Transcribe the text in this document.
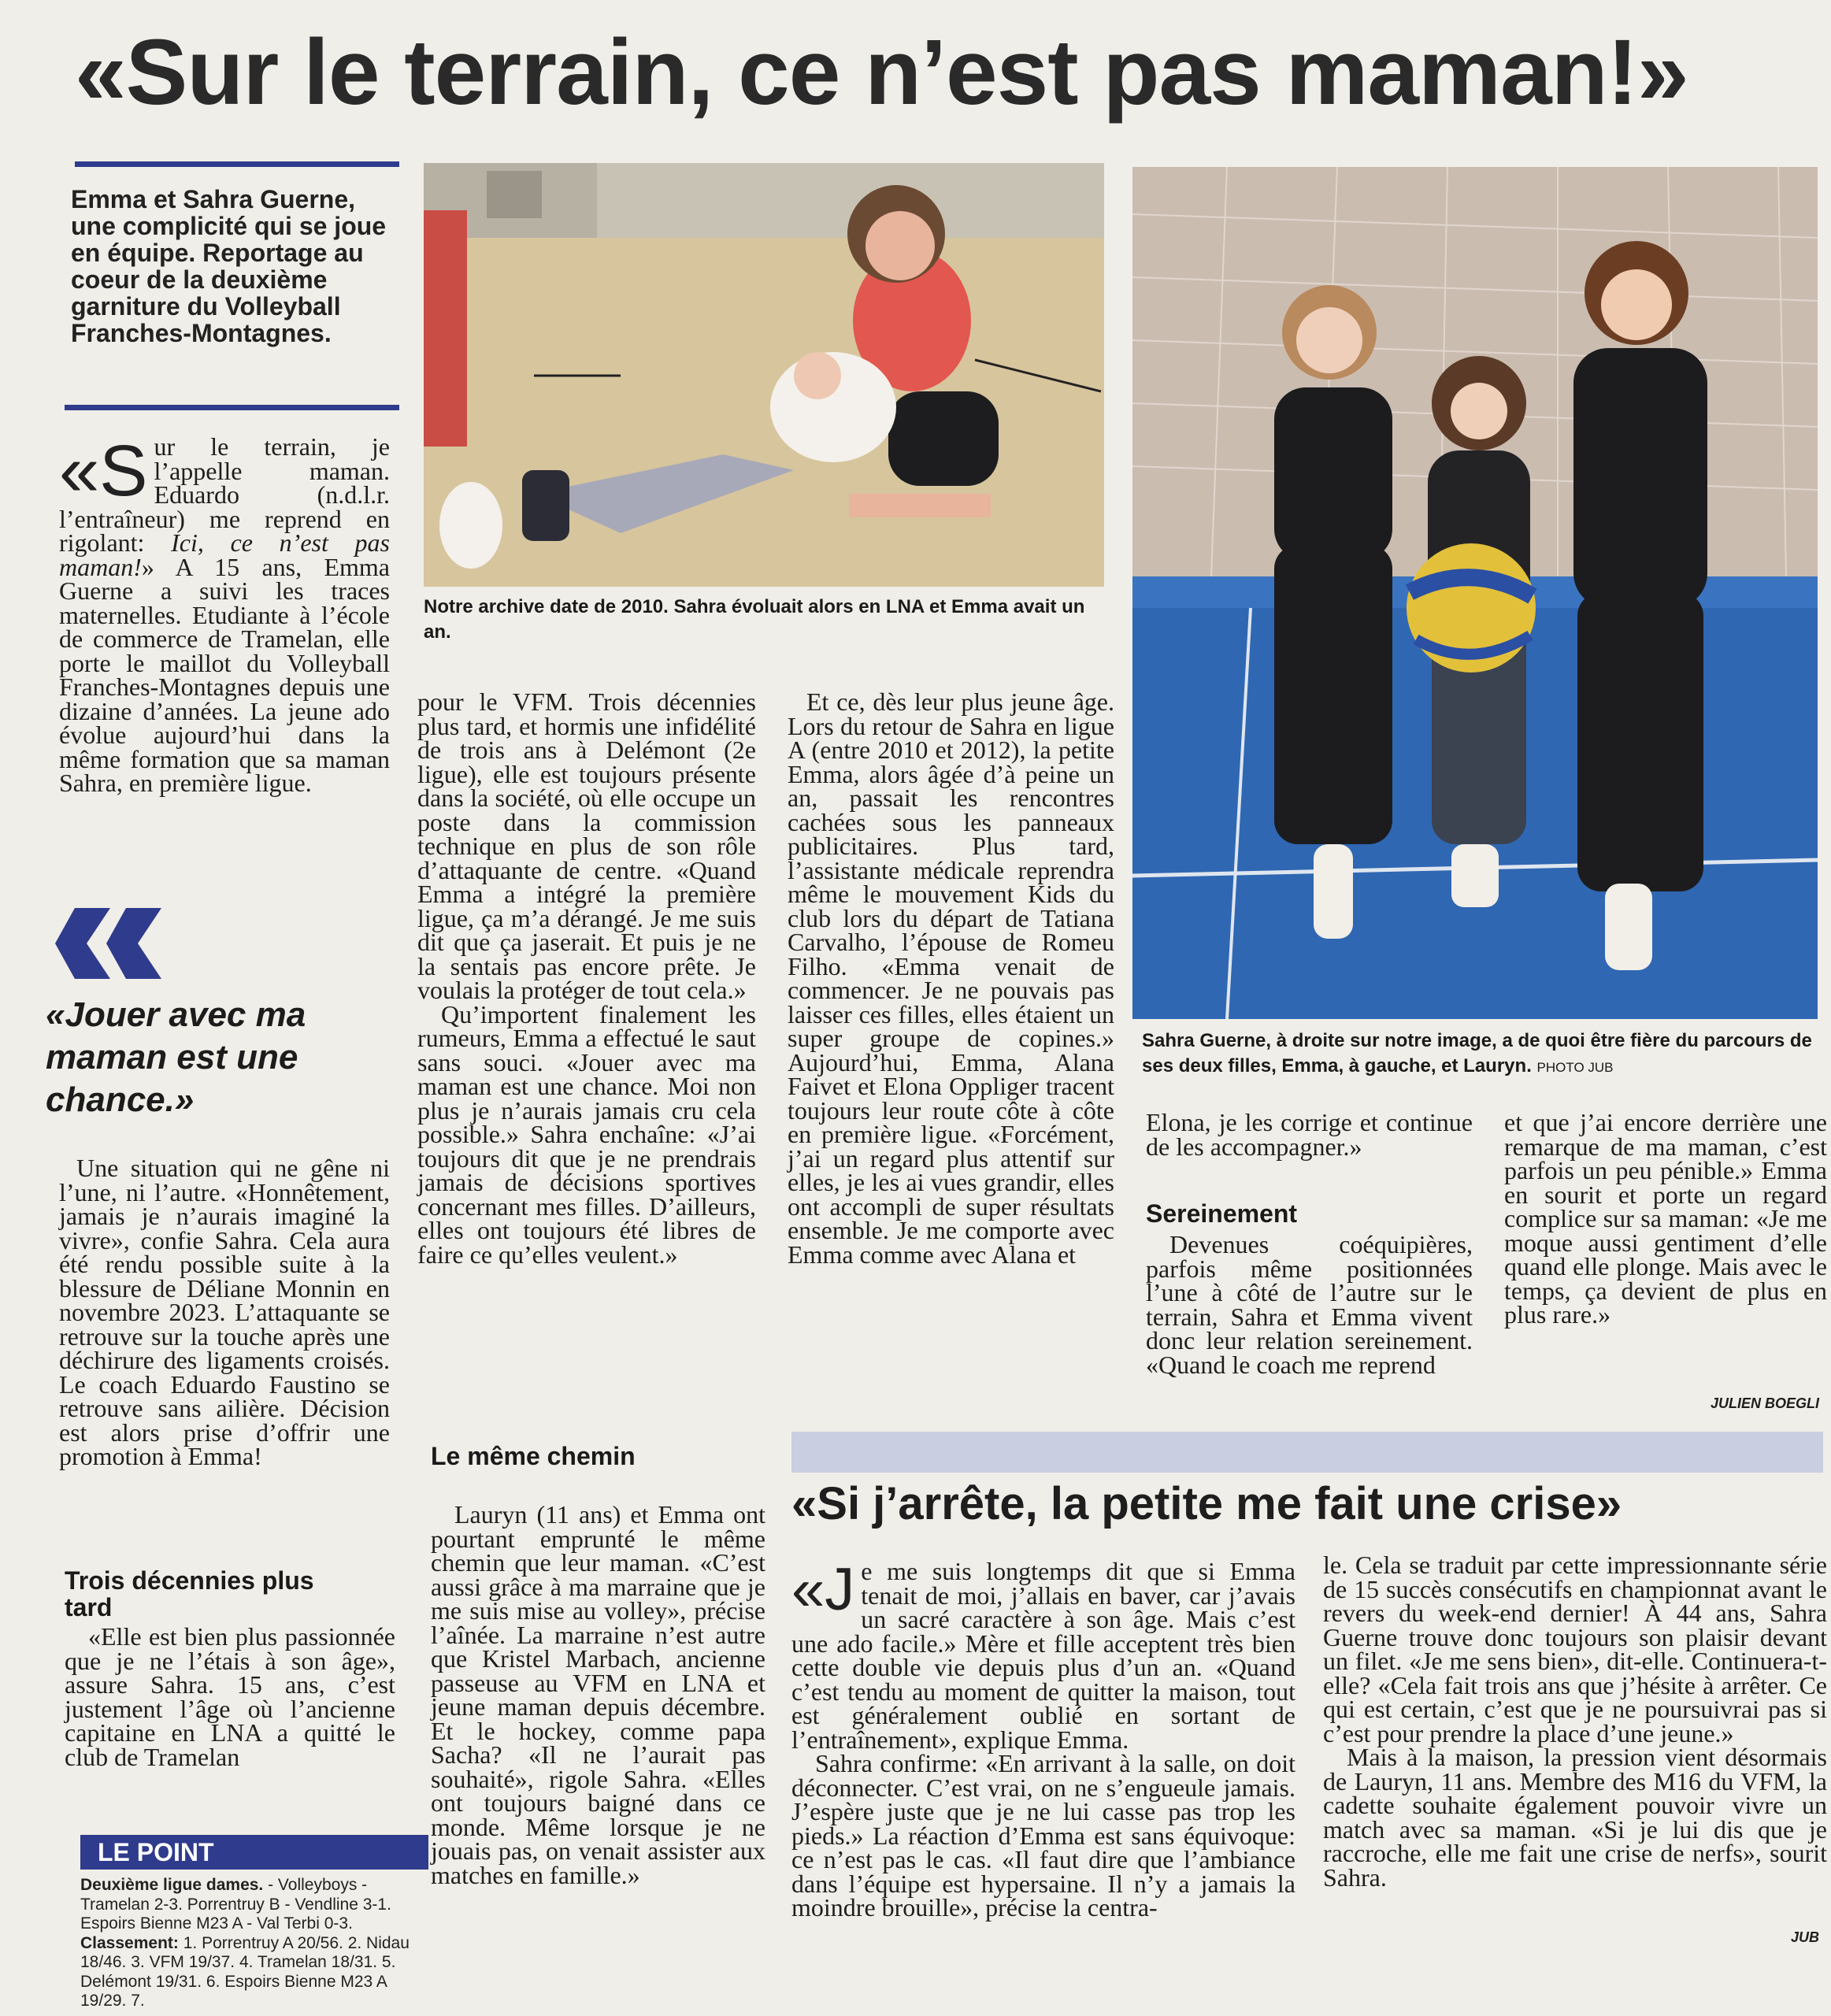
«Sur le terrain, ce n’est pas maman!»
Emma et Sahra Guerne, une complicité qui se joue en équipe. Reportage au coeur de la deuxième garniture du Volleyball Franches-Montagnes.
Notre archive date de 2010. Sahra évoluait alors en LNA et Emma avait un an.
Sahra Guerne, à droite sur notre image, a de quoi être fière du parcours de ses deux filles, Emma, à gauche, et Lauryn. PHOTO JUB
«S ur le terrain, je l’appelle maman. Eduardo (n.d.l.r. l’entraîneur) me reprend en rigolant: Ici, ce n’est pas maman!» A 15 ans, Emma Guerne a suivi les traces maternelles. Etudiante à l’école de commerce de Tramelan, elle porte le maillot du Volleyball Franches-Montagnes depuis une dizaine d’années. La jeune ado évolue aujourd’hui dans la même formation que sa maman Sahra, en première ligue.
«Jouer avec ma maman est une chance.»

Une situation qui ne gêne ni l’une, ni l’autre. «Honnêtement, jamais je n’aurais imaginé la vivre», confie Sahra. Cela aura été rendu possible suite à la blessure de Déliane Monnin en novembre 2023. L’attaquante se retrouve sur la touche après une déchirure des ligaments croisés. Le coach Eduardo Faustino se retrouve sans ailière. Décision est alors prise d’offrir une promotion à Emma!

Trois décennies plus tard

«Elle est bien plus passionnée que je ne l’étais à son âge», assure Sahra. 15 ans, c’est justement l’âge où l’ancienne capitaine en LNA a quitté le club de Tramelan

LE POINT
Deuxième ligue dames. - Volleyboys - Tramelan 2-3. Porrentruy B - Vendline 3-1. Espoirs Bienne M23 A - Val Terbi 0-3. Classement: 1. Porrentruy A 20/56. 2. Nidau 18/46. 3. VFM 19/37. 4. Tramelan 18/31. 5. Delémont 19/31. 6. Espoirs Bienne M23 A 19/29. 7.

pour le VFM. Trois décennies plus tard, et hormis une infidélité de trois ans à Delémont (2e ligue), elle est toujours présente dans la société, où elle occupe un poste dans la commission technique en plus de son rôle d’attaquante de centre. «Quand Emma a intégré la première ligue, ça m’a dérangé. Je me suis dit que ça jaserait. Et puis je ne la sentais pas encore prête. Je voulais la protéger de tout cela.»

Qu’importent finalement les rumeurs, Emma a effectué le saut sans souci. «Jouer avec ma maman est une chance. Moi non plus je n’aurais jamais cru cela possible.» Sahra enchaîne: «J’ai toujours dit que je ne prendrais jamais de décisions sportives concernant mes filles. D’ailleurs, elles ont toujours été libres de faire ce qu’elles veulent.»

Le même chemin

Lauryn (11 ans) et Emma ont pourtant emprunté le même chemin que leur maman. «C’est aussi grâce à ma marraine que je me suis mise au volley», précise l’aînée. La marraine n’est autre que Kristel Marbach, ancienne passeuse au VFM en LNA et jeune maman depuis décembre. Et le hockey, comme papa Sacha? «Il ne l’aurait pas souhaité», rigole Sahra. «Elles ont toujours baigné dans ce monde. Même lorsque je ne jouais pas, on venait assister aux matches en famille.»

Et ce, dès leur plus jeune âge. Lors du retour de Sahra en ligue A (entre 2010 et 2012), la petite Emma, alors âgée d’à peine un an, passait les rencontres cachées sous les panneaux publicitaires. Plus tard, l’assistante médicale reprendra même le mouvement Kids du club lors du départ de Tatiana Carvalho, l’épouse de Romeu Filho. «Emma venait de commencer. Je ne pouvais pas laisser ces filles, elles étaient un super groupe de copines.» Aujourd’hui, Emma, Alana Faivet et Elona Oppliger tracent toujours leur route côte à côte en première ligue. «Forcément, j’ai un regard plus attentif sur elles, je les ai vues grandir, elles ont accompli de super résultats ensemble. Je me comporte avec Emma comme avec Alana et

Elona, je les corrige et continue de les accompagner.»

Sereinement

Devenues coéquipières, parfois même positionnées l’une à côté de l’autre sur le terrain, Sahra et Emma vivent donc leur relation sereinement. «Quand le coach me reprend

et que j’ai encore derrière une remarque de ma maman, c’est parfois un peu pénible.» Emma en sourit et porte un regard complice sur sa maman: «Je me moque aussi gentiment d’elle quand elle plonge. Mais avec le temps, ça devient de plus en plus rare.»

JULIEN BOEGLI
«Si j’arrête, la petite me fait une crise»
«J e me suis longtemps dit que si Emma tenait de moi, j’allais en baver, car j’avais un sacré caractère à son âge. Mais c’est une ado facile.» Mère et fille acceptent très bien cette double vie depuis plus d’un an. «Quand c’est tendu au moment de quitter la maison, tout est généralement oublié en sortant de l’entraînement», explique Emma.

Sahra confirme: «En arrivant à la salle, on doit déconnecter. C’est vrai, on ne s’engueule jamais. J’espère juste que je ne lui casse pas trop les pieds.» La réaction d’Emma est sans équivoque: ce n’est pas le cas. «Il faut dire que l’ambiance dans l’équipe est hypersaine. Il n’y a jamais la moindre brouille», précise la centra-

le. Cela se traduit par cette impressionnante série de 15 succès consécutifs en championnat avant le revers du week-end dernier! À 44 ans, Sahra Guerne trouve donc toujours son plaisir devant un filet. «Je me sens bien», dit-elle. Continuera-t-elle? «Cela fait trois ans que j’hésite à arrêter. Ce qui est certain, c’est que je ne poursuivrai pas si c’est pour prendre la place d’une jeune.»

Mais à la maison, la pression vient désormais de Lauryn, 11 ans. Membre des M16 du VFM, la cadette souhaite également pouvoir vivre un match avec sa maman. «Si je lui dis que je raccroche, elle me fait une crise de nerfs», sourit Sahra.

JUB
